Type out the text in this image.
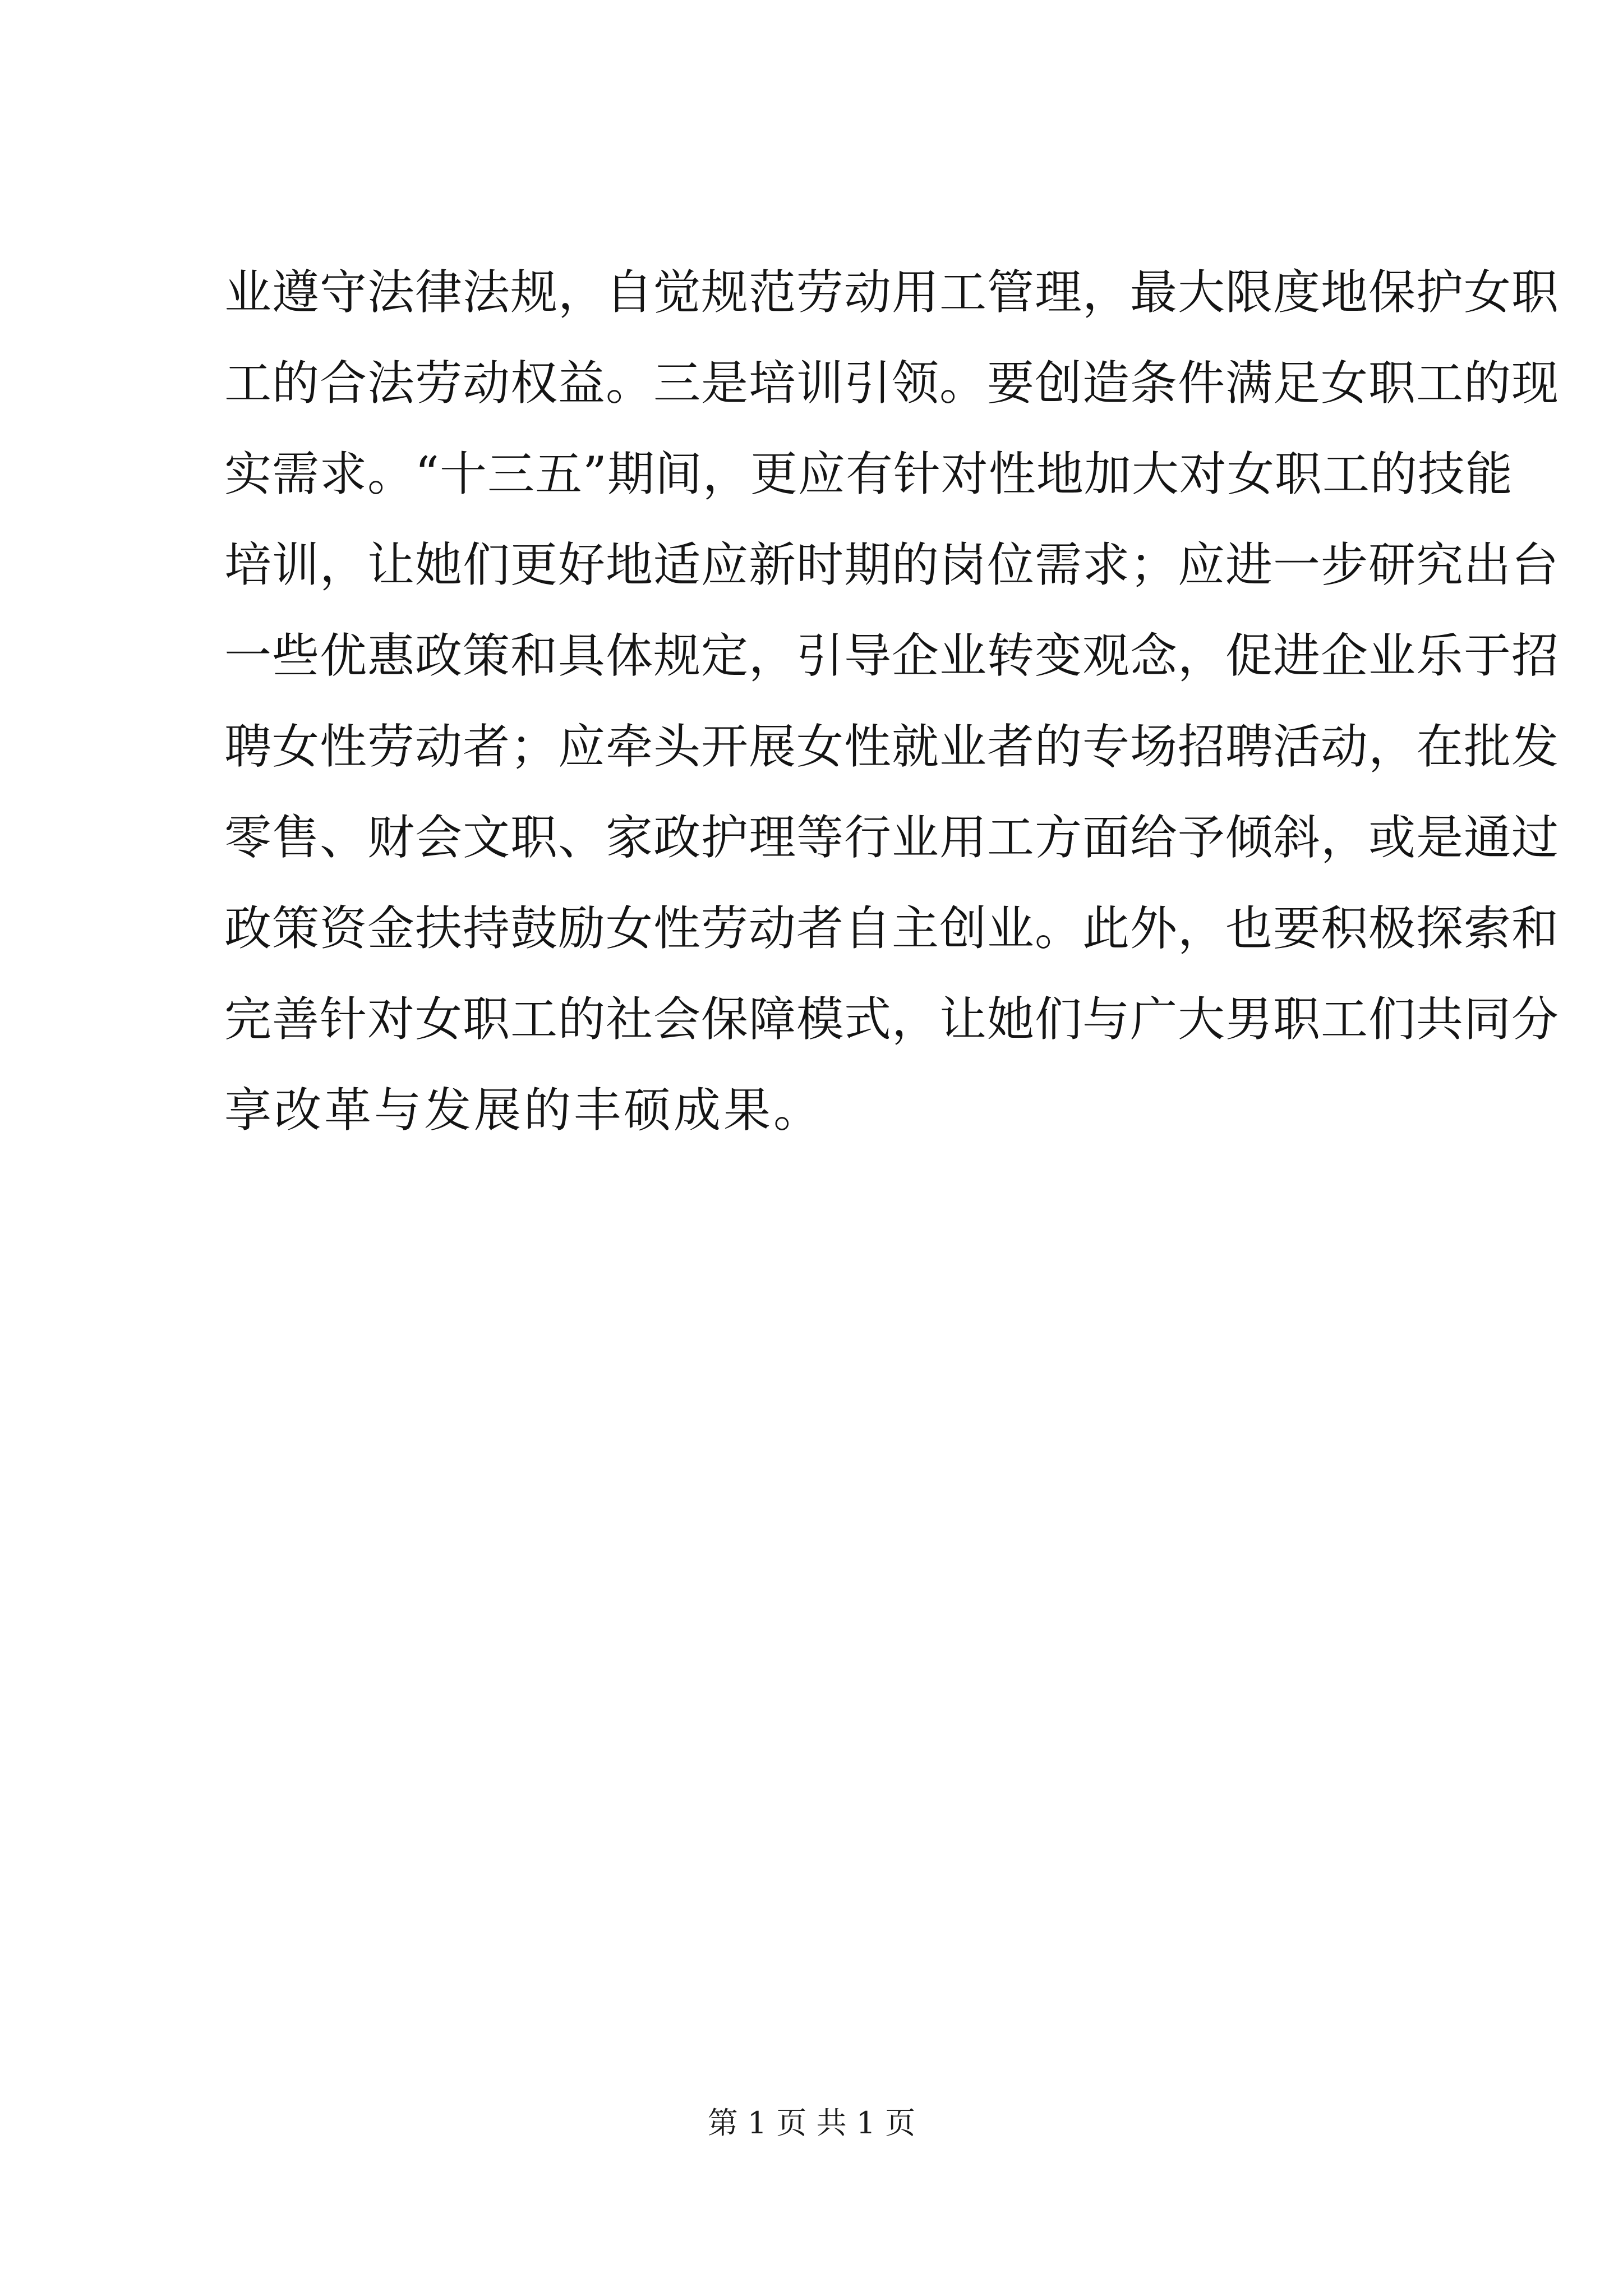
业遵守法律法规，自觉规范劳动用工管理，最大限度地保护女职
工的合法劳动权益。三是培训引领。要创造条件满足女职工的现
实需求。“十三五”期间，更应有针对性地加大对女职工的技能
培训，让她们更好地适应新时期的岗位需求；应进一步研究出台
一些优惠政策和具体规定，引导企业转变观念，促进企业乐于招
聘女性劳动者；应牵头开展女性就业者的专场招聘活动，在批发
零售、财会文职、家政护理等行业用工方面给予倾斜，或是通过
政策资金扶持鼓励女性劳动者自主创业。此外，也要积极探索和
完善针对女职工的社会保障模式，让她们与广大男职工们共同分
享改革与发展的丰硕成果。
第 1 页 共 1 页
